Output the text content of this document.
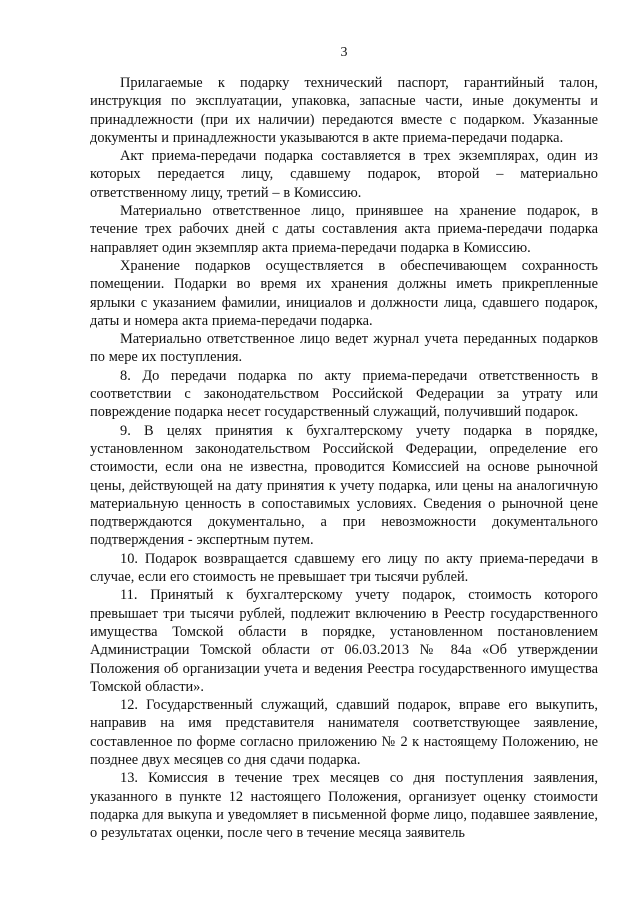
3

Прилагаемые к подарку технический паспорт, гарантийный талон, инструкция по эксплуатации, упаковка, запасные части, иные документы и принадлежности (при их наличии) передаются вместе с подарком. Указанные документы и принадлежности указываются в акте приема-передачи подарка.

Акт приема-передачи подарка составляется в трех экземплярах, один из которых передается лицу, сдавшему подарок, второй – материально ответственному лицу, третий – в Комиссию.

Материально ответственное лицо, принявшее на хранение подарок, в течение трех рабочих дней с даты составления акта приема-передачи подарка направляет один экземпляр акта приема-передачи подарка в Комиссию.

Хранение подарков осуществляется в обеспечивающем сохранность помещении. Подарки во время их хранения должны иметь прикрепленные ярлыки с указанием фамилии, инициалов и должности лица, сдавшего подарок, даты и номера акта приема-передачи подарка.

Материально ответственное лицо ведет журнал учета переданных подарков по мере их поступления.

8. До передачи подарка по акту приема-передачи ответственность в соответствии с законодательством Российской Федерации за утрату или повреждение подарка несет государственный служащий, получивший подарок.

9. В целях принятия к бухгалтерскому учету подарка в порядке, установленном законодательством Российской Федерации, определение его стоимости, если она не известна, проводится Комиссией на основе рыночной цены, действующей на дату принятия к учету подарка, или цены на аналогичную материальную ценность в сопоставимых условиях. Сведения о рыночной цене подтверждаются документально, а при невозможности документального подтверждения - экспертным путем.

10. Подарок возвращается сдавшему его лицу по акту приема-передачи в случае, если его стоимость не превышает три тысячи рублей.

11. Принятый к бухгалтерскому учету подарок, стоимость которого превышает три тысячи рублей, подлежит включению в Реестр государственного имущества Томской области в порядке, установленном постановлением Администрации Томской области от 06.03.2013 № 84а «Об утверждении Положения об организации учета и ведения Реестра государственного имущества Томской области».

12. Государственный служащий, сдавший подарок, вправе его выкупить, направив на имя представителя нанимателя соответствующее заявление, составленное по форме согласно приложению № 2 к настоящему Положению, не позднее двух месяцев со дня сдачи подарка.

13. Комиссия в течение трех месяцев со дня поступления заявления, указанного в пункте 12 настоящего Положения, организует оценку стоимости подарка для выкупа и уведомляет в письменной форме лицо, подавшее заявление, о результатах оценки, после чего в течение месяца заявитель
